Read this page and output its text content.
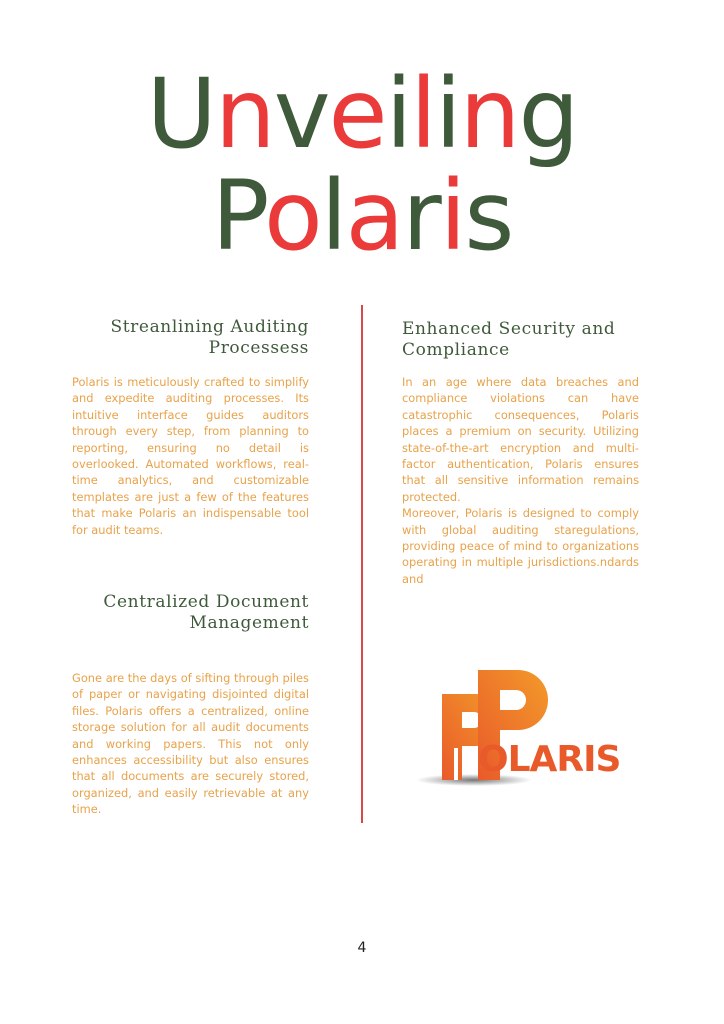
Unveiling
Polaris
Streanlining Auditing
Processess

Polaris is meticulously crafted to simplify and expedite auditing processes. Its intuitive interface guides auditors through every step, from planning to reporting, ensuring no detail is overlooked. Automated workflows, real-time analytics, and customizable templates are just a few of the features that make Polaris an indispensable tool for audit teams.

Centralized Document
Management

Gone are the days of sifting through piles of paper or navigating disjointed digital files. Polaris offers a centralized, online storage solution for all audit documents and working papers. This not only enhances accessibility but also ensures that all documents are securely stored, organized, and easily retrievable at any time.

Enhanced Security and
Compliance

In an age where data breaches and compliance violations can have catastrophic consequences, Polaris places a premium on security. Utilizing state-of-the-art encryption and multi-factor authentication, Polaris ensures that all sensitive information remains protected.

Moreover, Polaris is designed to comply with global auditing staregulations, providing peace of mind to organizations operating in multiple jurisdictions.ndards and

OLARIS
4
